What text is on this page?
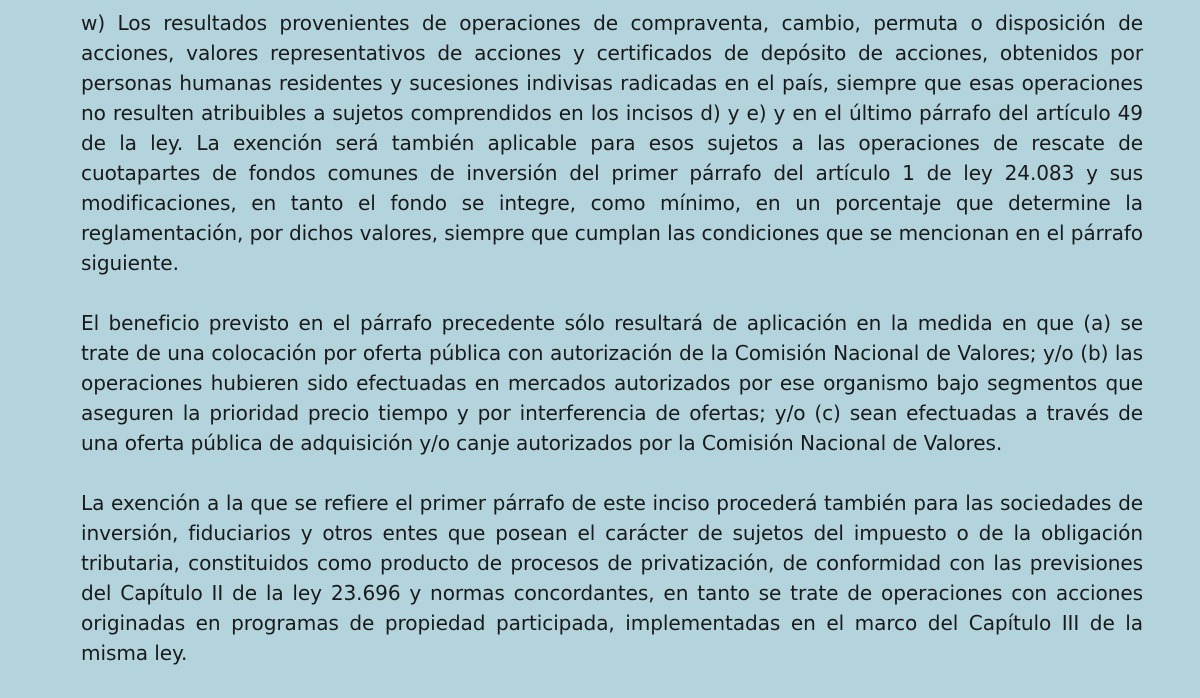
w) Los resultados provenientes de operaciones de compraventa, cambio, permuta o disposición de acciones, valores representativos de acciones y certificados de depósito de acciones, obtenidos por personas humanas residentes y sucesiones indivisas radicadas en el país, siempre que esas operaciones no resulten atribuibles a sujetos comprendidos en los incisos d) y e) y en el último párrafo del artículo 49 de la ley. La exención será también aplicable para esos sujetos a las operaciones de rescate de cuotapartes de fondos comunes de inversión del primer párrafo del artículo 1 de ley 24.083 y sus modificaciones, en tanto el fondo se integre, como mínimo, en un porcentaje que determine la reglamentación, por dichos valores, siempre que cumplan las condiciones que se mencionan en el párrafo siguiente.

El beneficio previsto en el párrafo precedente sólo resultará de aplicación en la medida en que (a) se trate de una colocación por oferta pública con autorización de la Comisión Nacional de Valores; y/o (b) las operaciones hubieren sido efectuadas en mercados autorizados por ese organismo bajo segmentos que aseguren la prioridad precio tiempo y por interferencia de ofertas; y/o (c) sean efectuadas a través de una oferta pública de adquisición y/o canje autorizados por la Comisión Nacional de Valores.

La exención a la que se refiere el primer párrafo de este inciso procederá también para las sociedades de inversión, fiduciarios y otros entes que posean el carácter de sujetos del impuesto o de la obligación tributaria, constituidos como producto de procesos de privatización, de conformidad con las previsiones del Capítulo II de la ley 23.696 y normas concordantes, en tanto se trate de operaciones con acciones originadas en programas de propiedad participada, implementadas en el marco del Capítulo III de la misma ley.
